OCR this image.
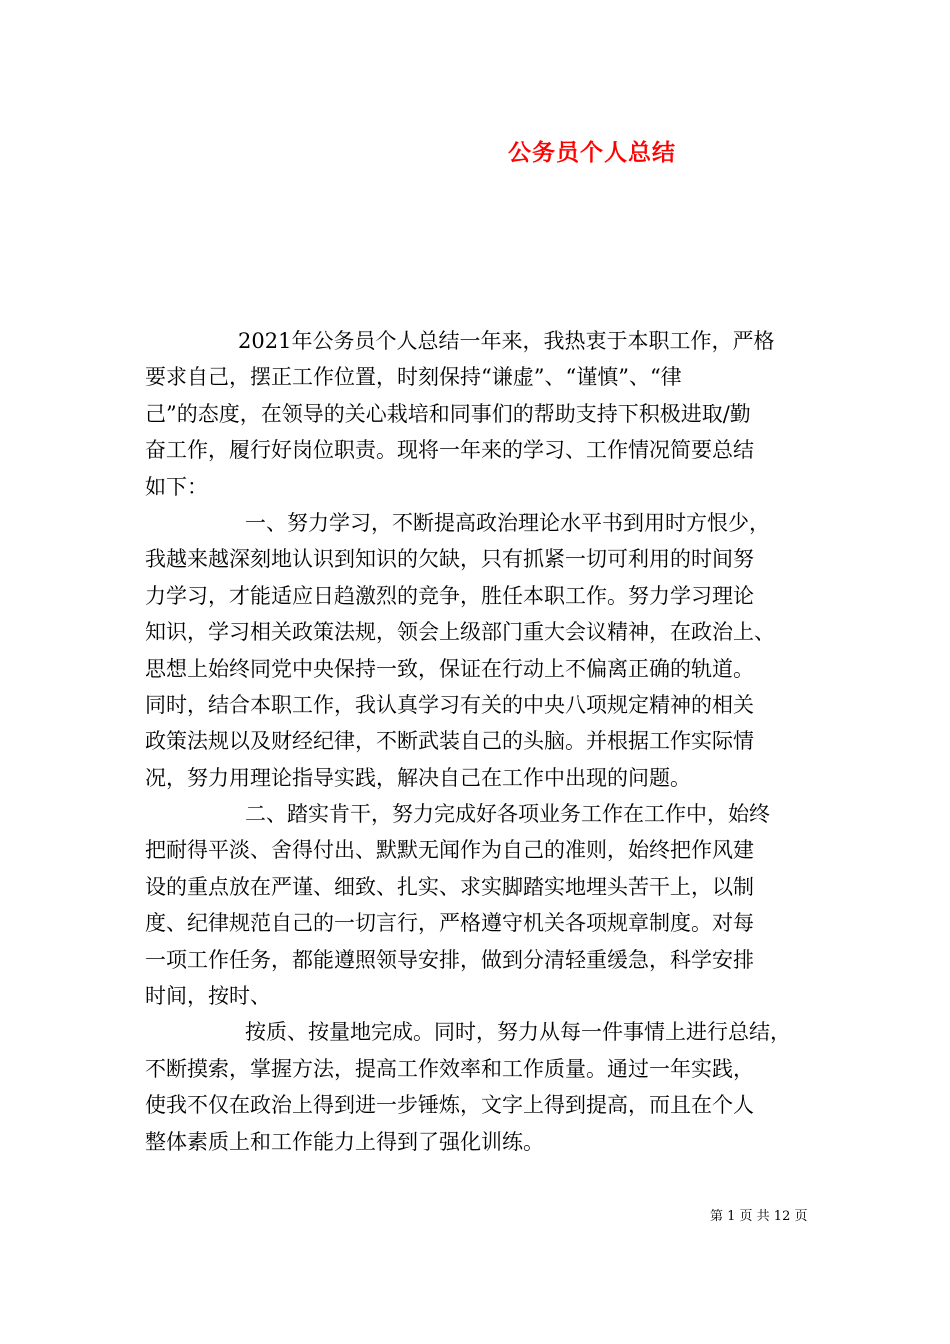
公务员个人总结
2021年公务员个人总结一年来，我热衷于本职工作，严格
要求自己，摆正工作位置，时刻保持“谦虚”、“谨慎”、“律
己”的态度，在领导的关心栽培和同事们的帮助支持下积极进取/勤
奋工作，履行好岗位职责。现将一年来的学习、工作情况简要总结
如下：
一、努力学习，不断提高政治理论水平书到用时方恨少，
我越来越深刻地认识到知识的欠缺，只有抓紧一切可利用的时间努
力学习，才能适应日趋激烈的竞争，胜任本职工作。努力学习理论
知识，学习相关政策法规，领会上级部门重大会议精神，在政治上、
思想上始终同党中央保持一致，保证在行动上不偏离正确的轨道。
同时，结合本职工作，我认真学习有关的中央八项规定精神的相关
政策法规以及财经纪律，不断武装自己的头脑。并根据工作实际情
况，努力用理论指导实践，解决自己在工作中出现的问题。
二、踏实肯干，努力完成好各项业务工作在工作中，始终
把耐得平淡、舍得付出、默默无闻作为自己的准则，始终把作风建
设的重点放在严谨、细致、扎实、求实脚踏实地埋头苦干上，以制
度、纪律规范自己的一切言行，严格遵守机关各项规章制度。对每
一项工作任务，都能遵照领导安排，做到分清轻重缓急，科学安排
时间，按时、
按质、按量地完成。同时，努力从每一件事情上进行总结，
不断摸索，掌握方法，提高工作效率和工作质量。通过一年实践，
使我不仅在政治上得到进一步锤炼，文字上得到提高，而且在个人
整体素质上和工作能力上得到了强化训练。
第 1 页 共 12 页
